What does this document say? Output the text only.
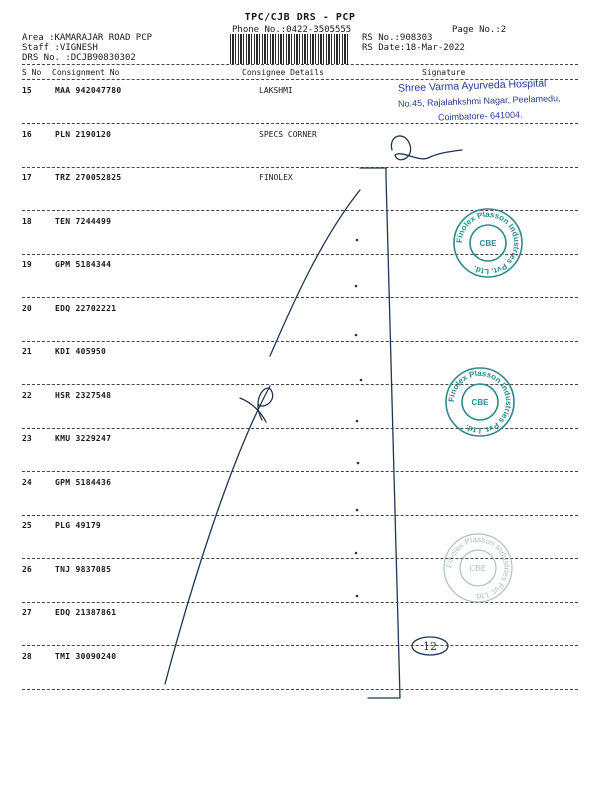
TPC/CJB DRS - PCP
Phone No.:0422-3505555	Page No.:2
Area :KAMARAJAR ROAD PCP
Staff :VIGNESH
DRS No. :DCJB90830302
RS No.:908303
RS Date:18-Mar-2022
S No Consignment No	Consignee Details	Signature
15	MAA 942047780	LAKSHMI
16	PLN 2190120	SPECS CORNER
17	TRZ 270052825	FINOLEX
18	TEN 7244499
19	GPM 5184344
20	EDQ 22702221
21	KDI 405950
22	HSR 2327548
23	KMU 3229247
24	GPM 5184436
25	PLG 49179
26	TNJ 9837085
27	EDQ 21387861
28	TMI 30090240
Shree Varma Ayurveda Hospital
No.45, Rajalahkshmi Nagar, Peelamedu,
Coimbatore- 641004.
Finolex Plasson Industries Pvt. Ltd.
CBE
Finolex Plasson Industries Pvt. Ltd.
CBE
Finolex Plasson Industries Pvt. Ltd.
CBE
12
